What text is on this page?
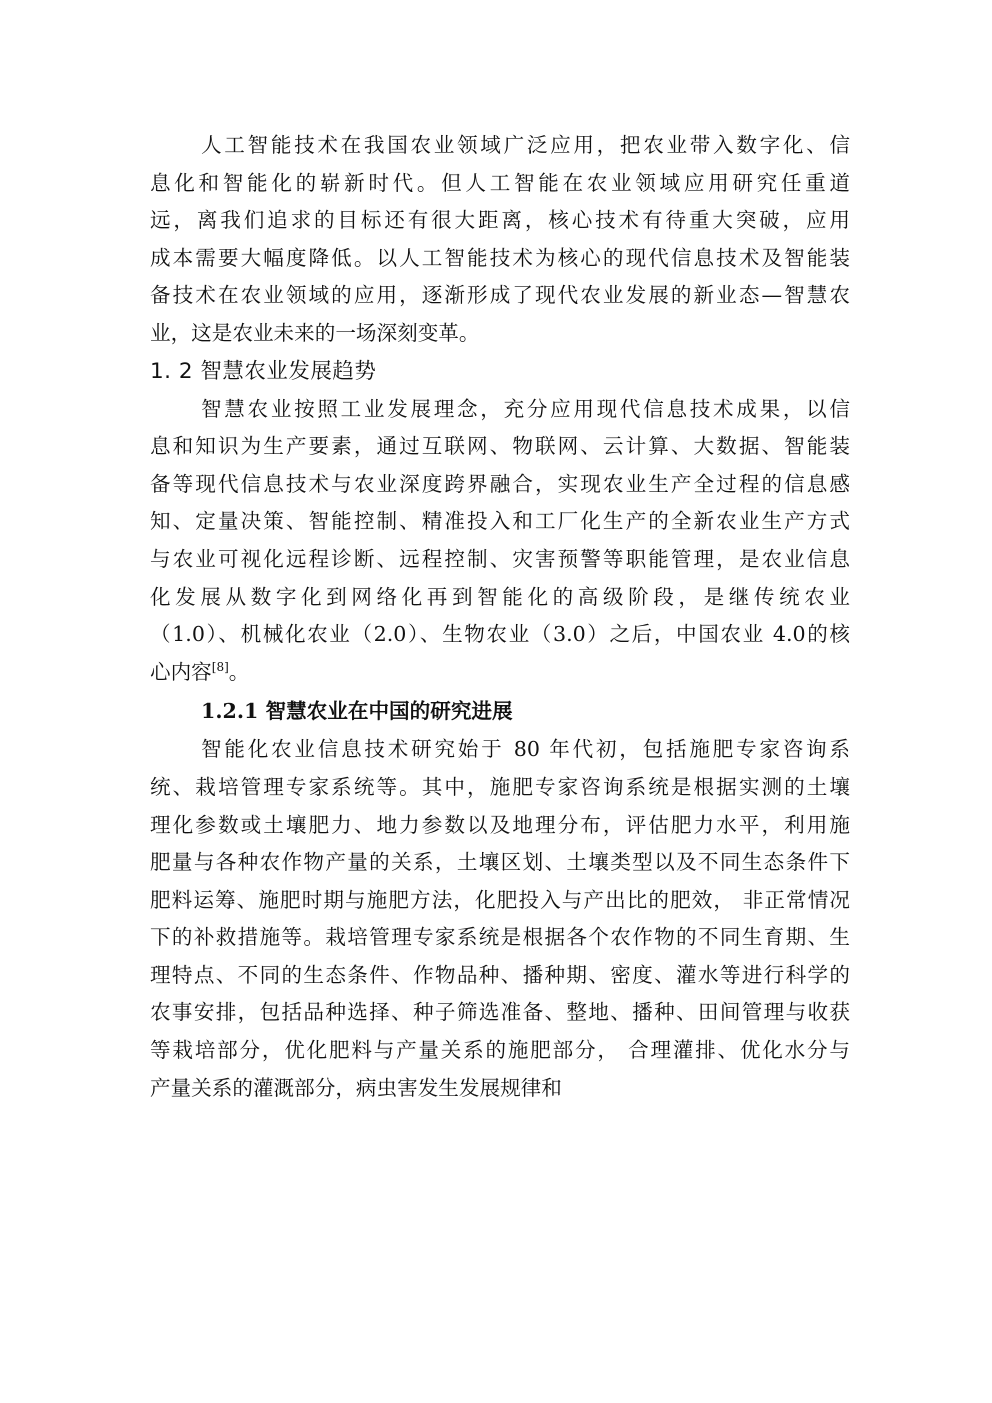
人工智能技术在我国农业领域广泛应用，把农业带入数字化、信
息化和智能化的崭新时代。但人工智能在农业领域应用研究任重道
远，离我们追求的目标还有很大距离，核心技术有待重大突破，应用
成本需要大幅度降低。以人工智能技术为核心的现代信息技术及智能装
备技术在农业领域的应用，逐渐形成了现代农业发展的新业态—智慧农
业，这是农业未来的一场深刻变革。
1. 2 智慧农业发展趋势
智慧农业按照工业发展理念，充分应用现代信息技术成果，以信
息和知识为生产要素，通过互联网、物联网、云计算、大数据、智能装
备等现代信息技术与农业深度跨界融合，实现农业生产全过程的信息感
知、定量决策、智能控制、精准投入和工厂化生产的全新农业生产方式
与农业可视化远程诊断、远程控制、灾害预警等职能管理，是农业信息
化发展从数字化到网络化再到智能化的高级阶段，是继传统农业
（1.0）、机械化农业（2.0）、生物农业（3.0）之后，中国农业 4.0的核
心内容[8]。
1.2.1 智慧农业在中国的研究进展
智能化农业信息技术研究始于 80 年代初，包括施肥专家咨询系
统、栽培管理专家系统等。其中，施肥专家咨询系统是根据实测的土壤
理化参数或土壤肥力、地力参数以及地理分布，评估肥力水平，利用施
肥量与各种农作物产量的关系，土壤区划、土壤类型以及不同生态条件下
肥料运筹、施肥时期与施肥方法，化肥投入与产出比的肥效， 非正常情况
下的补救措施等。栽培管理专家系统是根据各个农作物的不同生育期、生
理特点、不同的生态条件、作物品种、播种期、密度、灌水等进行科学的
农事安排，包括品种选择、种子筛选准备、整地、播种、田间管理与收获
等栽培部分，优化肥料与产量关系的施肥部分， 合理灌排、优化水分与
产量关系的灌溉部分，病虫害发生发展规律和
